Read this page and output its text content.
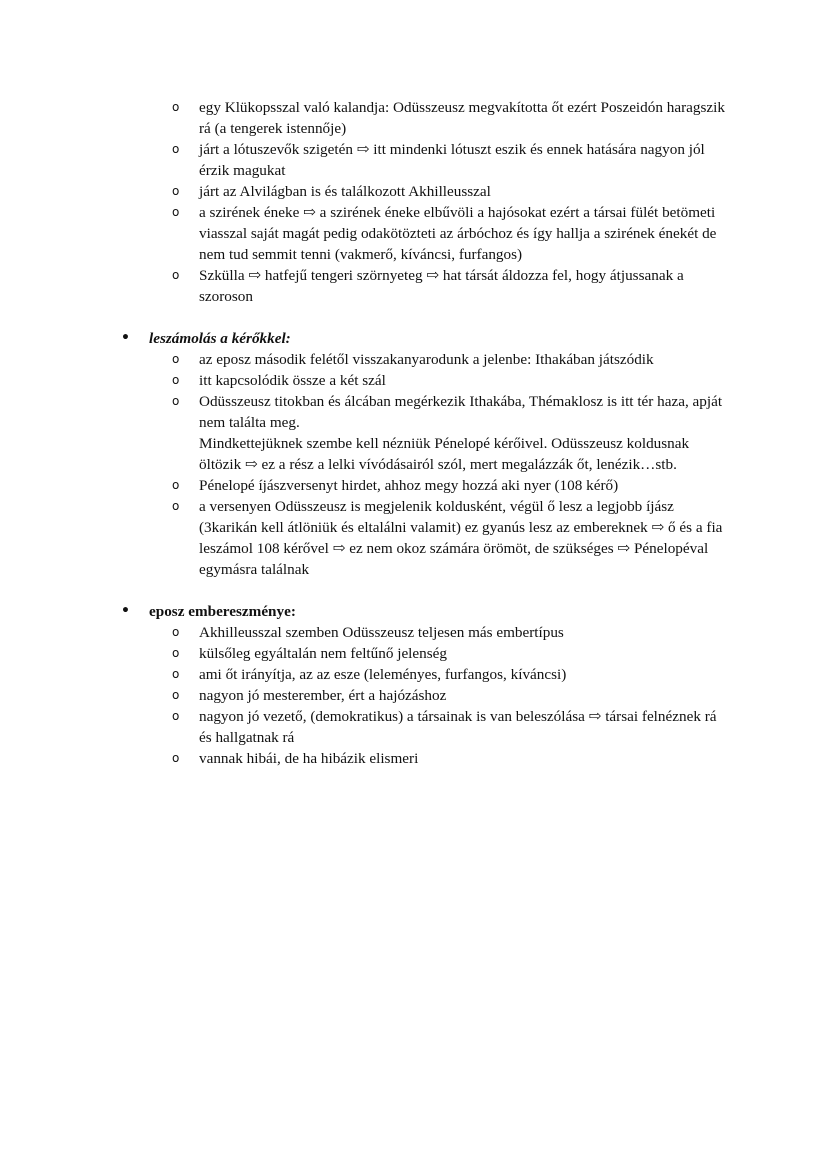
o egy Klükopsszal való kalandja: Odüsszeusz megvakította őt ezért Poszeidón haragszik rá (a tengerek istennője)
o járt a lótuszevők szigetén ⇨ itt mindenki lótuszt eszik és ennek hatására nagyon jól érzik magukat
o járt az Alvilágban is és találkozott Akhilleusszal
o a szirének éneke ⇨ a szirének éneke elbűvöli a hajósokat ezért a társai fülét betömeti viasszal saját magát pedig odakötözteti az árbóchoz és így hallja a szirének énekét de nem tud semmit tenni (vakmerő, kíváncsi, furfangos)
o Szküllа ⇨ hatfejű tengeri szörnyeteg ⇨ hat társát áldozza fel, hogy átjussanak a szoroson
• leszámolás a kérőkkel:
o az eposz második felétől visszakanyarodunk a jelenbe: Ithakában játszódik
o itt kapcsolódik össze a két szál
o Odüsszeusz titokban és álcában megérkezik Ithakába, Thémaklosz is itt tér haza, apját nem találta meg.
Mindkettejüknek szembe kell nézniük Pénelopé kérőivel. Odüsszeusz koldusnak öltözik ⇨ ez a rész a lelki vívódásairól szól, mert megalázzák őt, lenézik…stb.
o Pénelopé íjászversenyt hirdet, ahhoz megy hozzá aki nyer (108 kérő)
o a versenyen Odüsszeusz is megjelenik koldusként, végül ő lesz a legjobb íjász (3karikán kell átlöniük és eltalálni valamit) ez gyanús lesz az embereknek ⇨ ő és a fia leszámol 108 kérővel ⇨ ez nem okoz számára örömöt, de szükséges ⇨ Pénelopéval egymásra találnak
• eposz embereszménye:
o Akhilleusszal szemben Odüsszeusz teljesen más embertípus
o külsőleg egyáltalán nem feltűnő jelenség
o ami őt irányítja, az az esze (leleményes, furfangos, kíváncsi)
o nagyon jó mesterember, ért a hajózáshoz
o nagyon jó vezető, (demokratikus) a társainak is van beleszólása ⇨ társai felnéznek rá és hallgatnak rá
o vannak hibái, de ha hibázik elismeri
